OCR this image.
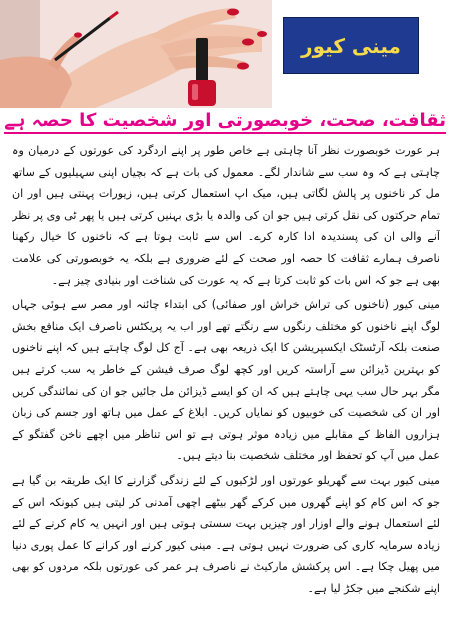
مینی کیور
ثقافت، صحت، خوبصورتی اور شخصیت کا حصہ ہے

ہر عورت خوبصورت نظر آنا چاہتی ہے خاص طور پر اپنے اردگرد کی عورتوں کے درمیان وہ چاہتی ہے کہ وہ سب سے شاندار لگے۔ معمول کی بات ہے کہ بچیاں اپنی سہیلیوں کے ساتھ مل کر ناخنوں پر پالش لگاتی ہیں، میک اپ استعمال کرتی ہیں، زیورات پہنتی ہیں اور ان تمام حرکتوں کی نقل کرتی ہیں جو ان کی والدہ یا بڑی بہنیں کرتی ہیں یا پھر ٹی وی پر نظر آنے والی ان کی پسندیدہ ادا کارہ کرے۔ اس سے ثابت ہوتا ہے کہ ناخنوں کا خیال رکھنا ناصرف ہمارے ثقافت کا حصہ اور صحت کے لئے ضروری ہے بلکہ یہ خوبصورتی کی علامت بھی ہے جو کہ اس بات کو ثابت کرتا ہے کہ یہ عورت کی شناخت اور بنیادی چیز ہے۔

مینی کیور (ناخنوں کی تراش خراش اور صفائی) کی ابتداء چائنہ اور مصر سے ہوئی جہاں لوگ اپنے ناخنوں کو مختلف رنگوں سے رنگتے تھے اور اب یہ پریکٹس ناصرف ایک منافع بخش صنعت بلکہ آرٹسٹک ایکسپریشن کا ایک ذریعہ بھی ہے۔ آج کل لوگ چاہتے ہیں کہ اپنے ناخنوں کو بہترین ڈیزائن سے آراستہ کریں اور کچھ لوگ صرف فیشن کے خاطر یہ سب کرتے ہیں مگر بہر حال سب یہی چاہتے ہیں کہ ان کو ایسے ڈیزائن مل جائیں جو ان کی نمائندگی کریں اور ان کی شخصیت کی خوبیوں کو نمایاں کریں۔ ابلاغ کے عمل میں ہاتھ اور جسم کی زبان ہزاروں الفاظ کے مقابلے میں زیادہ موثر ہوتی ہے تو اس تناظر میں اچھے ناخن گفتگو کے عمل میں آپ کو تحفظ اور مختلف شخصیت بنا دیتے ہیں۔

مینی کیور بہت سے گھریلو عورتوں اور لڑکیوں کے لئے زندگی گزارنے کا ایک طریقہ بن گیا ہے جو کہ اس کام کو اپنے گھروں میں کرکے گھر بیٹھے اچھی آمدنی کر لیتی ہیں کیونکہ اس کے لئے استعمال ہونے والے اوزار اور چیزیں بہت سستی ہوتی ہیں اور انہیں یہ کام کرنے کے لئے زیادہ سرمایہ کاری کی ضرورت نہیں ہوتی ہے۔ مینی کیور کرنے اور کرانے کا عمل پوری دنیا میں پھیل چکا ہے۔ اس پرکشش مارکیٹ نے ناصرف ہر عمر کی عورتوں بلکہ مردوں کو بھی اپنے شکنجے میں جکڑ لیا ہے۔
